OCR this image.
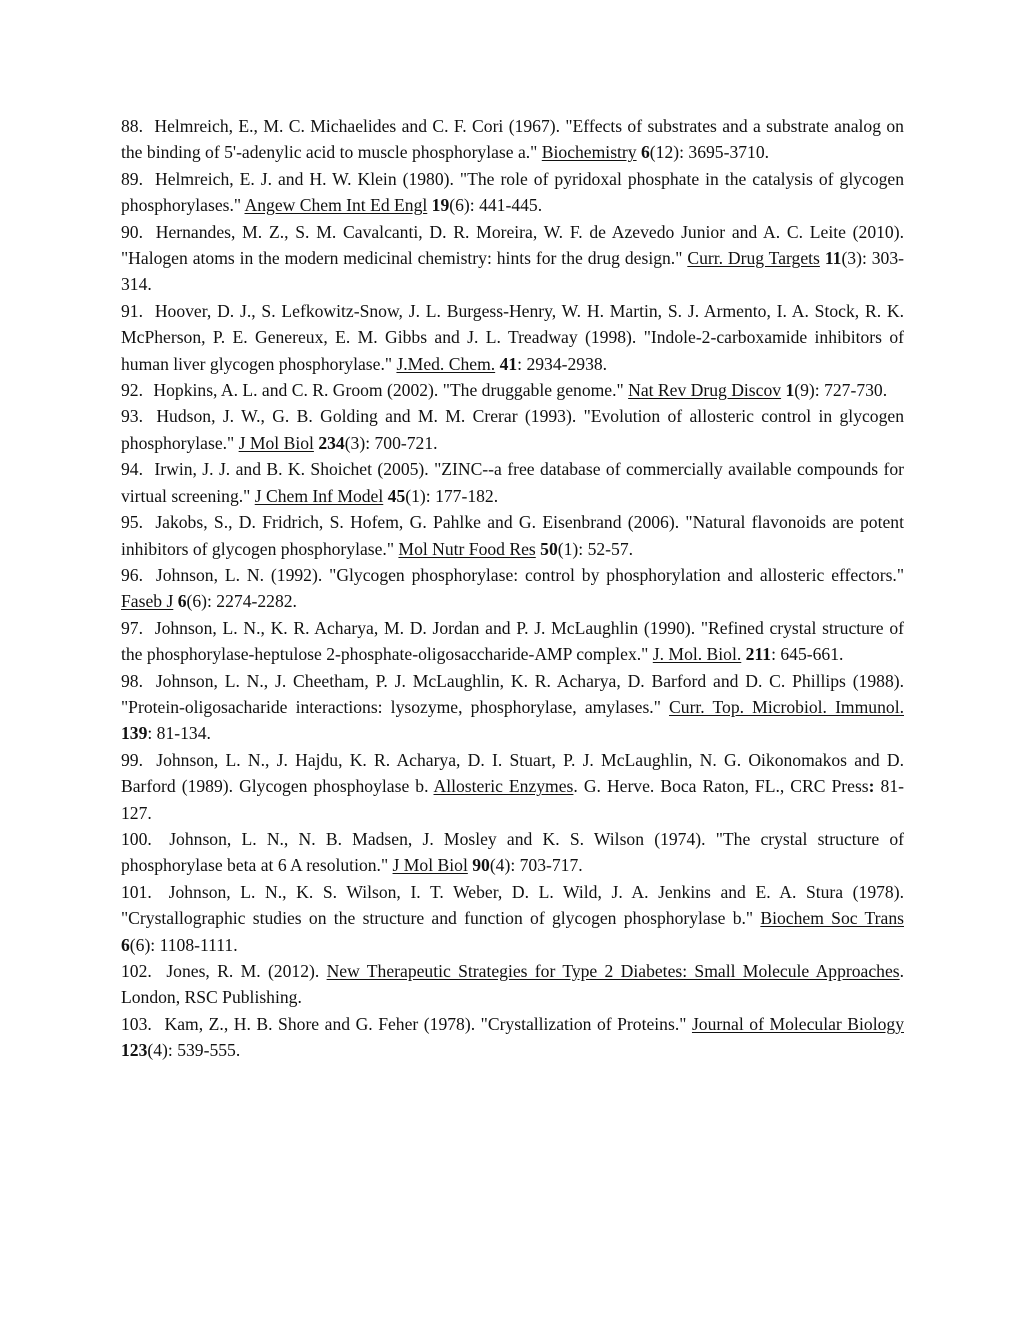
88. Helmreich, E., M. C. Michaelides and C. F. Cori (1967). "Effects of substrates and a substrate analog on the binding of 5'-adenylic acid to muscle phosphorylase a." Biochemistry 6(12): 3695-3710.

89. Helmreich, E. J. and H. W. Klein (1980). "The role of pyridoxal phosphate in the catalysis of glycogen phosphorylases." Angew Chem Int Ed Engl 19(6): 441-445.

90. Hernandes, M. Z., S. M. Cavalcanti, D. R. Moreira, W. F. de Azevedo Junior and A. C. Leite (2010). "Halogen atoms in the modern medicinal chemistry: hints for the drug design." Curr. Drug Targets 11(3): 303-314.

91. Hoover, D. J., S. Lefkowitz-Snow, J. L. Burgess-Henry, W. H. Martin, S. J. Armento, I. A. Stock, R. K. McPherson, P. E. Genereux, E. M. Gibbs and J. L. Treadway (1998). "Indole-2-carboxamide inhibitors of human liver glycogen phosphorylase." J.Med. Chem. 41: 2934-2938.

92. Hopkins, A. L. and C. R. Groom (2002). "The druggable genome." Nat Rev Drug Discov 1(9): 727-730.

93. Hudson, J. W., G. B. Golding and M. M. Crerar (1993). "Evolution of allosteric control in glycogen phosphorylase." J Mol Biol 234(3): 700-721.

94. Irwin, J. J. and B. K. Shoichet (2005). "ZINC--a free database of commercially available compounds for virtual screening." J Chem Inf Model 45(1): 177-182.

95. Jakobs, S., D. Fridrich, S. Hofem, G. Pahlke and G. Eisenbrand (2006). "Natural flavonoids are potent inhibitors of glycogen phosphorylase." Mol Nutr Food Res 50(1): 52-57.

96. Johnson, L. N. (1992). "Glycogen phosphorylase: control by phosphorylation and allosteric effectors." Faseb J 6(6): 2274-2282.

97. Johnson, L. N., K. R. Acharya, M. D. Jordan and P. J. McLaughlin (1990). "Refined crystal structure of the phosphorylase-heptulose 2-phosphate-oligosaccharide-AMP complex." J. Mol. Biol. 211: 645-661.

98. Johnson, L. N., J. Cheetham, P. J. McLaughlin, K. R. Acharya, D. Barford and D. C. Phillips (1988). "Protein-oligosacharide interactions: lysozyme, phosphorylase, amylases." Curr. Top. Microbiol. Immunol. 139: 81-134.

99. Johnson, L. N., J. Hajdu, K. R. Acharya, D. I. Stuart, P. J. McLaughlin, N. G. Oikonomakos and D. Barford (1989). Glycogen phosphoylase b. Allosteric Enzymes. G. Herve. Boca Raton, FL., CRC Press: 81-127.

100. Johnson, L. N., N. B. Madsen, J. Mosley and K. S. Wilson (1974). "The crystal structure of phosphorylase beta at 6 A resolution." J Mol Biol 90(4): 703-717.

101. Johnson, L. N., K. S. Wilson, I. T. Weber, D. L. Wild, J. A. Jenkins and E. A. Stura (1978). "Crystallographic studies on the structure and function of glycogen phosphorylase b." Biochem Soc Trans 6(6): 1108-1111.

102. Jones, R. M. (2012). New Therapeutic Strategies for Type 2 Diabetes: Small Molecule Approaches. London, RSC Publishing.

103. Kam, Z., H. B. Shore and G. Feher (1978). "Crystallization of Proteins." Journal of Molecular Biology 123(4): 539-555.
